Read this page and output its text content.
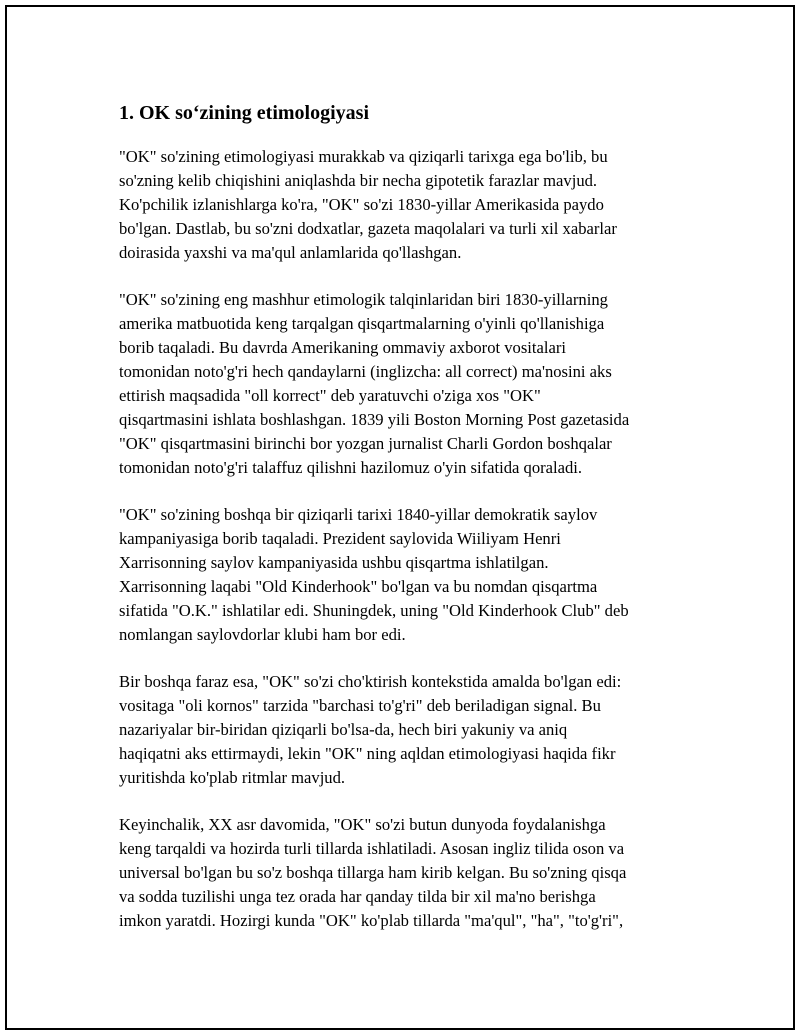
1. OK so‘zining etimologiyasi

"OK" so'zining etimologiyasi murakkab va qiziqarli tarixga ega bo'lib, bu
so'zning kelib chiqishini aniqlashda bir necha gipotetik farazlar mavjud.
Ko'pchilik izlanishlarga ko'ra, "OK" so'zi 1830-yillar Amerikasida paydo
bo'lgan. Dastlab, bu so'zni dodxatlar, gazeta maqolalari va turli xil xabarlar
doirasida yaxshi va ma'qul anlamlarida qo'llashgan.

"OK" so'zining eng mashhur etimologik talqinlaridan biri 1830-yillarning
amerika matbuotida keng tarqalgan qisqartmalarning o'yinli qo'llanishiga
borib taqaladi. Bu davrda Amerikaning ommaviy axborot vositalari
tomonidan noto'g'ri hech qandaylarni (inglizcha: all correct) ma'nosini aks
ettirish maqsadida "oll korrect" deb yaratuvchi o'ziga xos "OK"
qisqartmasini ishlata boshlashgan. 1839 yili Boston Morning Post gazetasida
"OK" qisqartmasini birinchi bor yozgan jurnalist Charli Gordon boshqalar
tomonidan noto'g'ri talaffuz qilishni hazilomuz o'yin sifatida qoraladi.

"OK" so'zining boshqa bir qiziqarli tarixi 1840-yillar demokratik saylov
kampaniyasiga borib taqaladi. Prezident saylovida Wiiliyam Henri
Xarrisonning saylov kampaniyasida ushbu qisqartma ishlatilgan.
Xarrisonning laqabi "Old Kinderhook" bo'lgan va bu nomdan qisqartma
sifatida "O.K." ishlatilar edi. Shuningdek, uning "Old Kinderhook Club" deb
nomlangan saylovdorlar klubi ham bor edi.

Bir boshqa faraz esa, "OK" so'zi cho'ktirish kontekstida amalda bo'lgan edi:
vositaga "oli kornos" tarzida "barchasi to'g'ri" deb beriladigan signal. Bu
nazariyalar bir-biridan qiziqarli bo'lsa-da, hech biri yakuniy va aniq
haqiqatni aks ettirmaydi, lekin "OK" ning aqldan etimologiyasi haqida fikr
yuritishda ko'plab ritmlar mavjud.

Keyinchalik, XX asr davomida, "OK" so'zi butun dunyoda foydalanishga
keng tarqaldi va hozirda turli tillarda ishlatiladi. Asosan ingliz tilida oson va
universal bo'lgan bu so'z boshqa tillarga ham kirib kelgan. Bu so'zning qisqa
va sodda tuzilishi unga tez orada har qanday tilda bir xil ma'no berishga
imkon yaratdi. Hozirgi kunda "OK" ko'plab tillarda "ma'qul", "ha", "to'g'ri",
